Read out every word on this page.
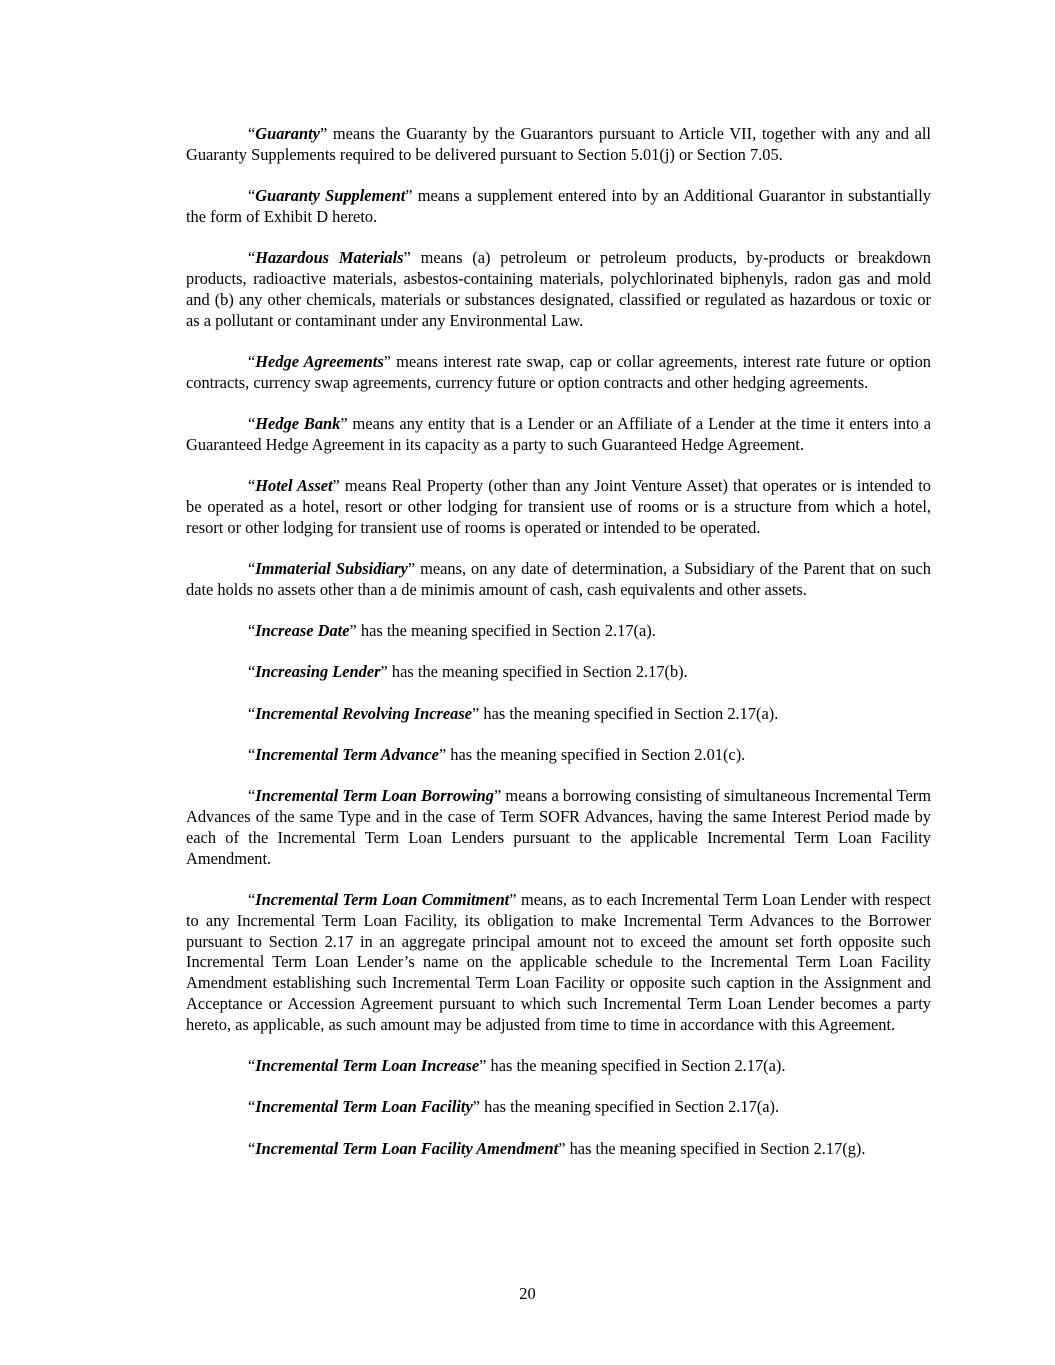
“Guaranty” means the Guaranty by the Guarantors pursuant to Article VII, together with any and all Guaranty Supplements required to be delivered pursuant to Section 5.01(j) or Section 7.05.

“Guaranty Supplement” means a supplement entered into by an Additional Guarantor in substantially the form of Exhibit D hereto.

“Hazardous Materials” means (a) petroleum or petroleum products, by-products or breakdown products, radioactive materials, asbestos-containing materials, polychlorinated biphenyls, radon gas and mold and (b) any other chemicals, materials or substances designated, classified or regulated as hazardous or toxic or as a pollutant or contaminant under any Environmental Law.

“Hedge Agreements” means interest rate swap, cap or collar agreements, interest rate future or option contracts, currency swap agreements, currency future or option contracts and other hedging agreements.

“Hedge Bank” means any entity that is a Lender or an Affiliate of a Lender at the time it enters into a Guaranteed Hedge Agreement in its capacity as a party to such Guaranteed Hedge Agreement.

“Hotel Asset” means Real Property (other than any Joint Venture Asset) that operates or is intended to be operated as a hotel, resort or other lodging for transient use of rooms or is a structure from which a hotel, resort or other lodging for transient use of rooms is operated or intended to be operated.

“Immaterial Subsidiary” means, on any date of determination, a Subsidiary of the Parent that on such date holds no assets other than a de minimis amount of cash, cash equivalents and other assets.

“Increase Date” has the meaning specified in Section 2.17(a).

“Increasing Lender” has the meaning specified in Section 2.17(b).

“Incremental Revolving Increase” has the meaning specified in Section 2.17(a).

“Incremental Term Advance” has the meaning specified in Section 2.01(c).

“Incremental Term Loan Borrowing” means a borrowing consisting of simultaneous Incremental Term Advances of the same Type and in the case of Term SOFR Advances, having the same Interest Period made by each of the Incremental Term Loan Lenders pursuant to the applicable Incremental Term Loan Facility Amendment.

“Incremental Term Loan Commitment” means, as to each Incremental Term Loan Lender with respect to any Incremental Term Loan Facility, its obligation to make Incremental Term Advances to the Borrower pursuant to Section 2.17 in an aggregate principal amount not to exceed the amount set forth opposite such Incremental Term Loan Lender’s name on the applicable schedule to the Incremental Term Loan Facility Amendment establishing such Incremental Term Loan Facility or opposite such caption in the Assignment and Acceptance or Accession Agreement pursuant to which such Incremental Term Loan Lender becomes a party hereto, as applicable, as such amount may be adjusted from time to time in accordance with this Agreement.

“Incremental Term Loan Increase” has the meaning specified in Section 2.17(a).

“Incremental Term Loan Facility” has the meaning specified in Section 2.17(a).

“Incremental Term Loan Facility Amendment” has the meaning specified in Section 2.17(g).

20
